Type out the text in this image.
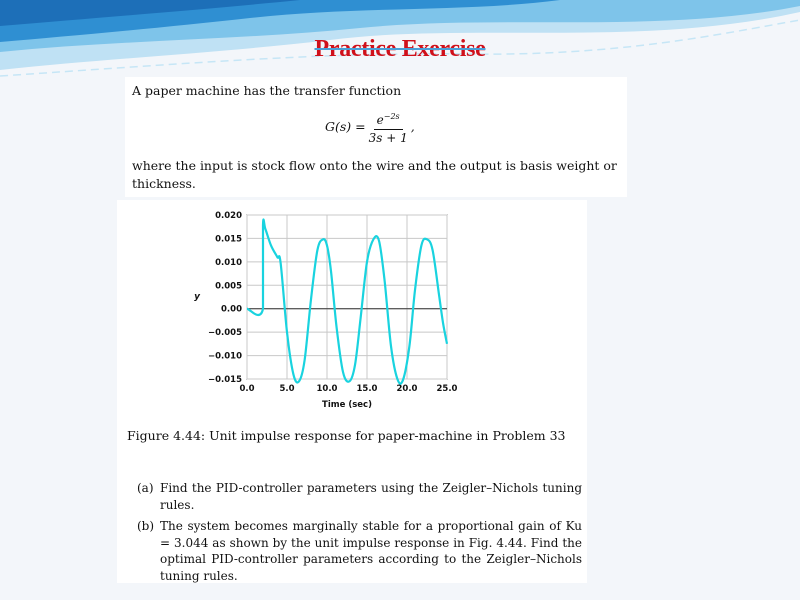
Practice Exercise
A paper machine has the transfer function
$G(s) = \frac{e^{-2s}}{3s + 1}$ ,
where the input is stock flow onto the wire and the output is basis weight or thickness.
0.0	5.0	10.0 15.0 20.0 25.0
0.020
0.015
0.010
0.005
0.00
−0.005
−0.010
−0.015
Time (sec)
y
Figure 4.44: Unit impulse response for paper-machine in Problem 33
(a) Find the PID-controller parameters using the Zeigler–Nichols tuning rules.
(b) The system becomes marginally stable for a proportional gain of Ku = 3.044 as shown by the unit impulse response in Fig. 4.44. Find the optimal PID-controller parameters according to the Zeigler–Nichols tuning rules.
